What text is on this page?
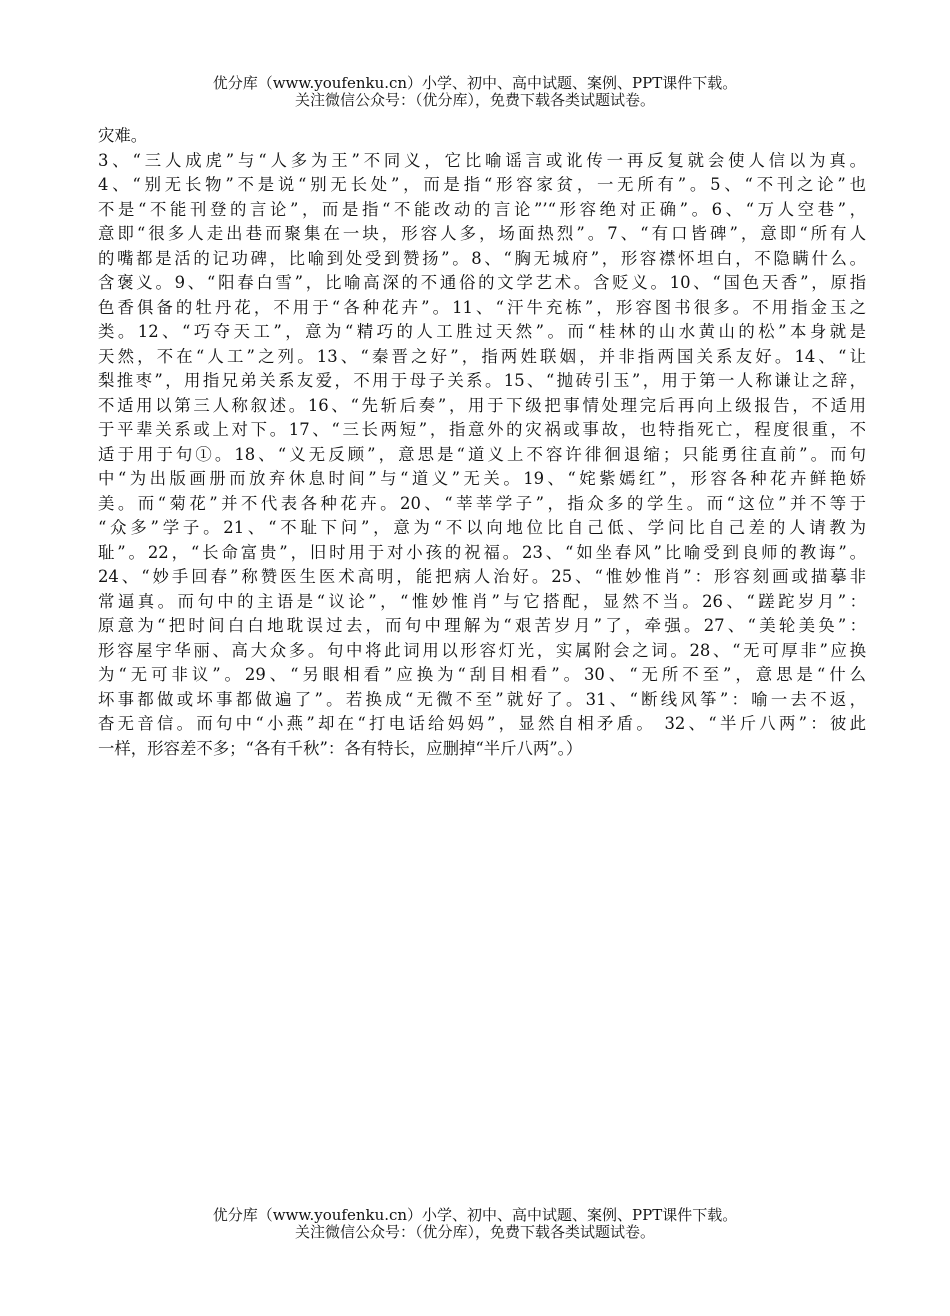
优分库（www.youfenku.cn）小学、初中、高中试题、案例、PPT课件下载。
关注微信公众号：（优分库），免费下载各类试题试卷。
灾难。
3、“三人成虎”与“人多为王”不同义，它比喻谣言或讹传一再反复就会使人信以为真。
4、“别无长物”不是说“别无长处”，而是指“形容家贫，一无所有”。5、“不刊之论”也
不是“不能刊登的言论”，而是指“不能改动的言论”’“形容绝对正确”。6、“万人空巷”，
意即“很多人走出巷而聚集在一块，形容人多，场面热烈”。7、“有口皆碑”，意即“所有人
的嘴都是活的记功碑，比喻到处受到赞扬”。8、“胸无城府”，形容襟怀坦白，不隐瞒什么。
含褒义。9、“阳春白雪”，比喻高深的不通俗的文学艺术。含贬义。10、“国色天香”，原指
色香俱备的牡丹花，不用于“各种花卉”。11、“汗牛充栋”，形容图书很多。不用指金玉之
类。12、“巧夺天工”，意为“精巧的人工胜过天然”。而“桂林的山水黄山的松”本身就是
天然，不在“人工”之列。13、“秦晋之好”，指两姓联姻，并非指两国关系友好。14、“让
梨推枣”，用指兄弟关系友爱，不用于母子关系。15、“抛砖引玉”，用于第一人称谦让之辞，
不适用以第三人称叙述。16、“先斩后奏”，用于下级把事情处理完后再向上级报告，不适用
于平辈关系或上对下。17、“三长两短”，指意外的灾祸或事故，也特指死亡，程度很重，不
适于用于句①。18、“义无反顾”，意思是“道义上不容许徘徊退缩；只能勇往直前”。而句
中“为出版画册而放弃休息时间”与“道义”无关。19、“姹紫嫣红”，形容各种花卉鲜艳娇
美。而“菊花”并不代表各种花卉。20、“莘莘学子”，指众多的学生。而“这位”并不等于
“众多”学子。21、“不耻下问”，意为“不以向地位比自己低、学问比自己差的人请教为
耻”。22，“长命富贵”，旧时用于对小孩的祝福。23、“如坐春风”比喻受到良师的教诲”。
24、“妙手回春”称赞医生医术高明，能把病人治好。25、“惟妙惟肖”：形容刻画或描摹非
常逼真。而句中的主语是“议论”，“惟妙惟肖”与它搭配，显然不当。26、“蹉跎岁月”：
原意为“把时间白白地耽误过去，而句中理解为“艰苦岁月”了，牵强。27、“美轮美奂”：
形容屋宇华丽、高大众多。句中将此词用以形容灯光，实属附会之词。28、“无可厚非”应换
为“无可非议”。29、“另眼相看”应换为“刮目相看”。30、“无所不至”，意思是“什么
坏事都做或坏事都做遍了”。若换成“无微不至”就好了。31、“断线风筝”：喻一去不返，
杳无音信。而句中“小燕”却在“打电话给妈妈”，显然自相矛盾。 32、“半斤八两”：彼此
一样，形容差不多；“各有千秋”：各有特长，应删掉“半斤八两”。）
优分库（www.youfenku.cn）小学、初中、高中试题、案例、PPT课件下载。
关注微信公众号：（优分库），免费下载各类试题试卷。
